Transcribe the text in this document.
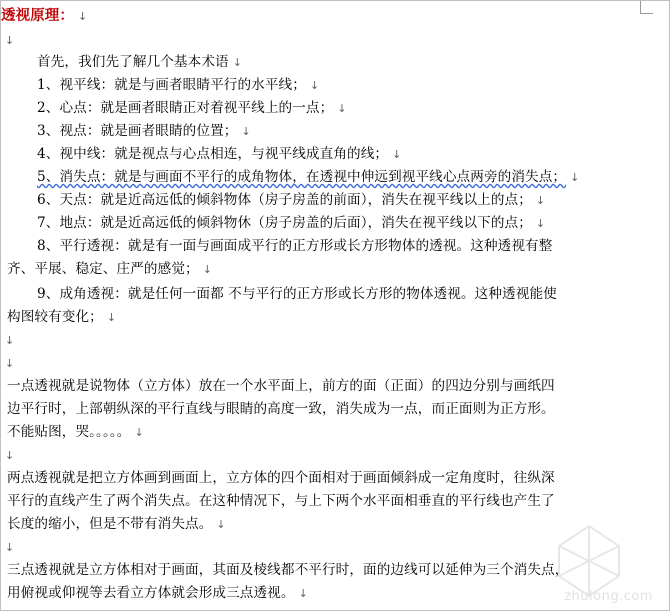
透视原理： ↓
↓
首先，我们先了解几个基本术语 ↓
1、视平线：就是与画者眼睛平行的水平线； ↓
2、心点：就是画者眼睛正对着视平线上的一点； ↓
3、视点：就是画者眼睛的位置； ↓
4、视中线：就是视点与心点相连，与视平线成直角的线； ↓
5、消失点：就是与画面不平行的成角物体，在透视中伸远到视平线心点两旁的消失点； ↓
6、天点：就是近高远低的倾斜物体（房子房盖的前面），消失在视平线以上的点； ↓
7、地点：就是近高远低的倾斜物休（房子房盖的后面），消失在视平线以下的点； ↓
8、平行透视：就是有一面与画面成平行的正方形或长方形物体的透视。这种透视有整
齐、平展、稳定、庄严的感觉； ↓
9、成角透视：就是任何一面都 不与平行的正方形或长方形的物体透视。这种透视能使
构图较有变化； ↓
↓
↓
一点透视就是说物体（立方体）放在一个水平面上，前方的面（正面）的四边分别与画纸四
边平行时，上部朝纵深的平行直线与眼睛的高度一致，消失成为一点，而正面则为正方形。
不能贴图，哭。。。。。 ↓
↓
两点透视就是把立方体画到画面上，立方体的四个面相对于画面倾斜成一定角度时，往纵深
平行的直线产生了两个消失点。在这种情况下，与上下两个水平面相垂直的平行线也产生了
长度的缩小，但是不带有消失点。 ↓
↓
三点透视就是立方体相对于画面，其面及棱线都不平行时，面的边线可以延伸为三个消失点，
用俯视或仰视等去看立方体就会形成三点透视。 ↓	zhulong.com
